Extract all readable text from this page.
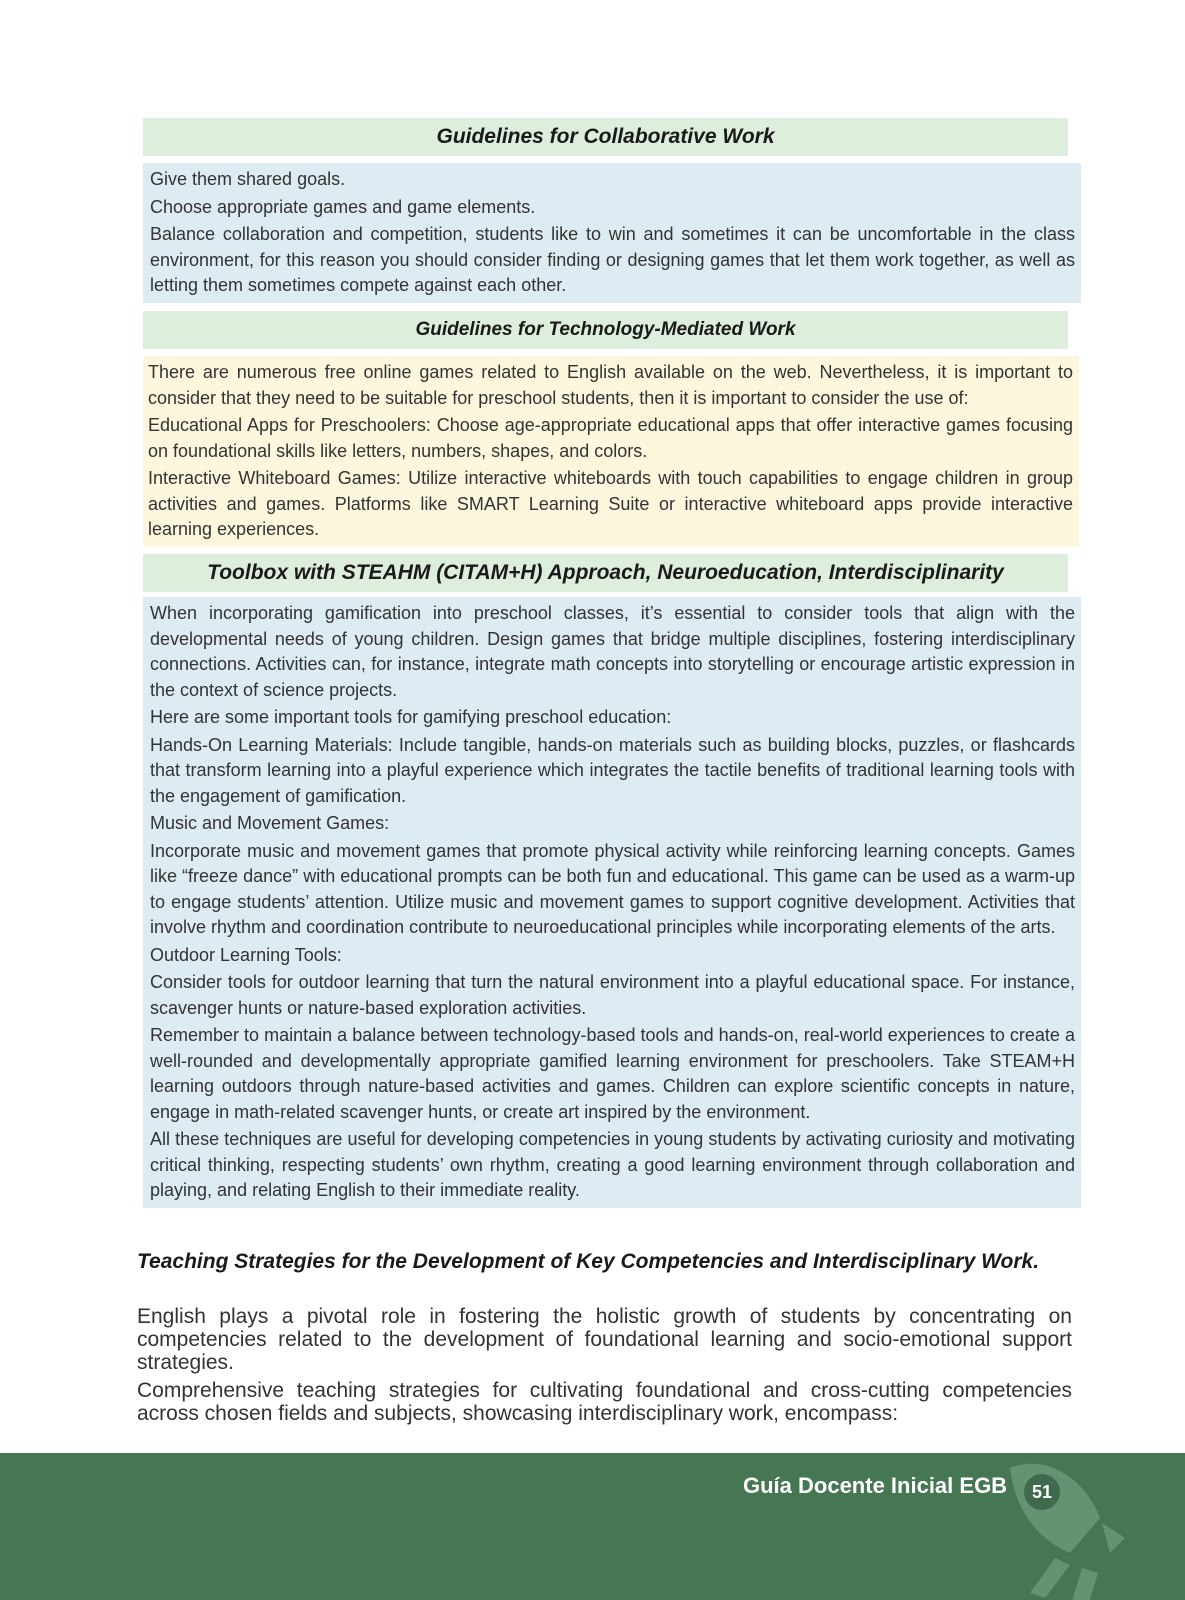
Guidelines for Collaborative Work

Give them shared goals.

Choose appropriate games and game elements.

Balance collaboration and competition, students like to win and sometimes it can be uncomfortable in the class environment, for this reason you should consider finding or designing games that let them work together, as well as letting them sometimes compete against each other.

Guidelines for Technology-Mediated Work

There are numerous free online games related to English available on the web. Nevertheless, it is important to consider that they need to be suitable for preschool students, then it is important to consider the use of:

Educational Apps for Preschoolers: Choose age-appropriate educational apps that offer interactive games focusing on foundational skills like letters, numbers, shapes, and colors.

Interactive Whiteboard Games: Utilize interactive whiteboards with touch capabilities to engage children in group activities and games. Platforms like SMART Learning Suite or interactive whiteboard apps provide interactive learning experiences.

Toolbox with STEAHM (CITAM+H) Approach, Neuroeducation, Interdisciplinarity

When incorporating gamification into preschool classes, it’s essential to consider tools that align with the developmental needs of young children. Design games that bridge multiple disciplines, fostering interdisciplinary connections. Activities can, for instance, integrate math concepts into storytelling or encourage artistic expression in the context of science projects.

Here are some important tools for gamifying preschool education:

Hands-On Learning Materials: Include tangible, hands-on materials such as building blocks, puzzles, or flashcards that transform learning into a playful experience which integrates the tactile benefits of traditional learning tools with the engagement of gamification.

Music and Movement Games:

Incorporate music and movement games that promote physical activity while reinforcing learning concepts. Games like “freeze dance” with educational prompts can be both fun and educational. This game can be used as a warm-up to engage students’ attention. Utilize music and movement games to support cognitive development. Activities that involve rhythm and coordination contribute to neuroeducational principles while incorporating elements of the arts.

Outdoor Learning Tools:

Consider tools for outdoor learning that turn the natural environment into a playful educational space. For instance, scavenger hunts or nature-based exploration activities.

Remember to maintain a balance between technology-based tools and hands-on, real-world experiences to create a well-rounded and developmentally appropriate gamified learning environment for preschoolers. Take STEAM+H learning outdoors through nature-based activities and games. Children can explore scientific concepts in nature, engage in math-related scavenger hunts, or create art inspired by the environment.

All these techniques are useful for developing competencies in young students by activating curiosity and motivating critical thinking, respecting students’ own rhythm, creating a good learning environment through collaboration and playing, and relating English to their immediate reality.

Teaching Strategies for the Development of Key Competencies and Interdisciplinary Work.

English plays a pivotal role in fostering the holistic growth of students by concentrating on competencies related to the development of foundational learning and socio-emotional support strategies.

Comprehensive teaching strategies for cultivating foundational and cross-cutting competencies across chosen fields and subjects, showcasing interdisciplinary work, encompass:

Guía Docente Inicial EGB	51
